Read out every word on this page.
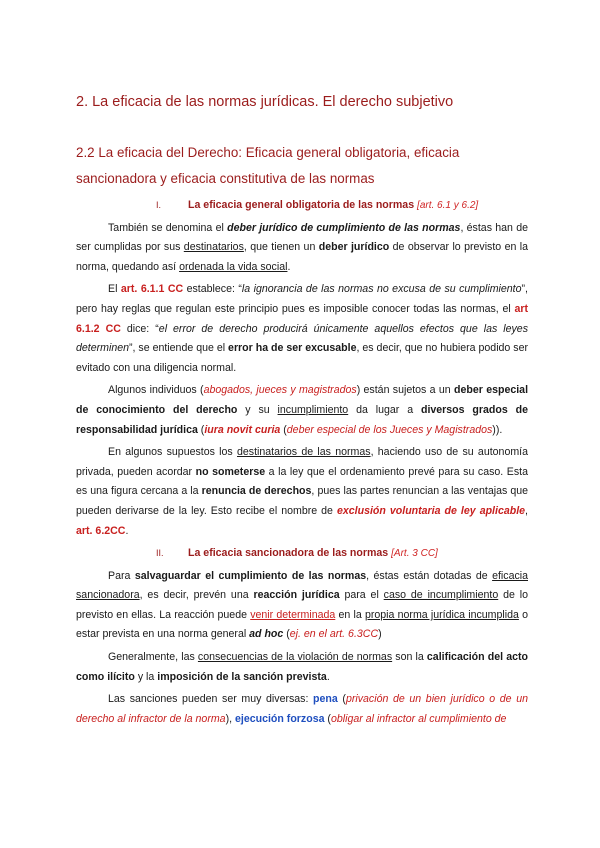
2. La eficacia de las normas jurídicas. El derecho subjetivo
2.2 La eficacia del Derecho: Eficacia general obligatoria, eficacia sancionadora y eficacia constitutiva de las normas
I.	La eficacia general obligatoria de las normas [art. 6.1 y 6.2]

También se denomina el deber jurídico de cumplimiento de las normas, éstas han de ser cumplidas por sus destinatarios, que tienen un deber jurídico de observar lo previsto en la norma, quedando así ordenada la vida social.

El art. 6.1.1 CC establece: “la ignorancia de las normas no excusa de su cumplimiento”, pero hay reglas que regulan este principio pues es imposible conocer todas las normas, el art 6.1.2 CC dice: “el error de derecho producirá únicamente aquellos efectos que las leyes determinen”, se entiende que el error ha de ser excusable, es decir, que no hubiera podido ser evitado con una diligencia normal.

Algunos individuos (abogados, jueces y magistrados) están sujetos a un deber especial de conocimiento del derecho y su incumplimiento da lugar a diversos grados de responsabilidad jurídica (iura novit curia (deber especial de los Jueces y Magistrados)).

En algunos supuestos los destinatarios de las normas, haciendo uso de su autonomía privada, pueden acordar no someterse a la ley que el ordenamiento prevé para su caso. Esta es una figura cercana a la renuncia de derechos, pues las partes renuncian a las ventajas que pueden derivarse de la ley. Esto recibe el nombre de exclusión voluntaria de ley aplicable, art. 6.2CC.

II. La eficacia sancionadora de las normas [Art. 3 CC]

Para salvaguardar el cumplimiento de las normas, éstas están dotadas de eficacia sancionadora, es decir, prevén una reacción jurídica para el caso de incumplimiento de lo previsto en ellas. La reacción puede venir determinada en la propia norma jurídica incumplida o estar prevista en una norma general ad hoc (ej. en el art. 6.3CC)

Generalmente, las consecuencias de la violación de normas son la calificación del acto como ilícito y la imposición de la sanción prevista.

Las sanciones pueden ser muy diversas: pena (privación de un bien jurídico o de un derecho al infractor de la norma), ejecución forzosa (obligar al infractor al cumplimiento de
